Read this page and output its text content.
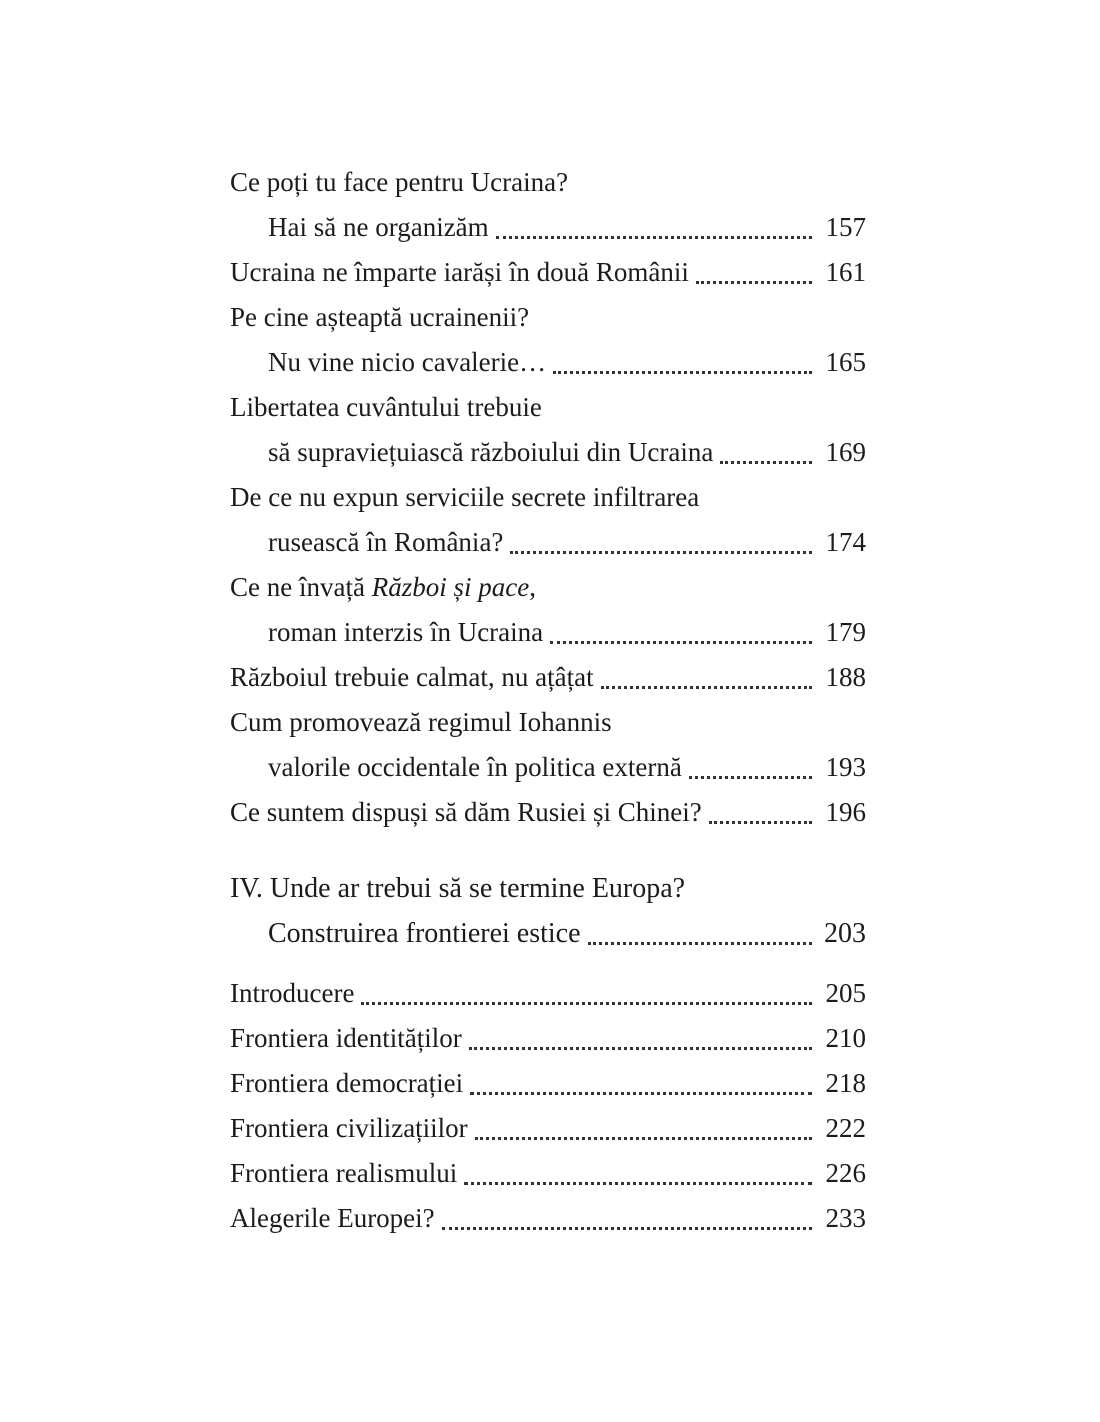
Ce poți tu face pentru Ucraina?
Hai să ne organizăm	157
Ucraina ne împarte iarăși în două Românii	161
Pe cine așteaptă ucrainenii?
Nu vine nicio cavalerie…	165
Libertatea cuvântului trebuie
să supraviețuiască războiului din Ucraina	169
De ce nu expun serviciile secrete infiltrarea
rusească în România?	174
Ce ne învață Război și pace,
roman interzis în Ucraina	179
Războiul trebuie calmat, nu ațâțat	188
Cum promovează regimul Iohannis
valorile occidentale în politica externă	193
Ce suntem dispuși să dăm Rusiei și Chinei?	196
IV. Unde ar trebui să se termine Europa?
Construirea frontierei estice	203
Introducere	205
Frontiera identităților	210
Frontiera democrației	218
Frontiera civilizațiilor	222
Frontiera realismului	226
Alegerile Europei?	233
